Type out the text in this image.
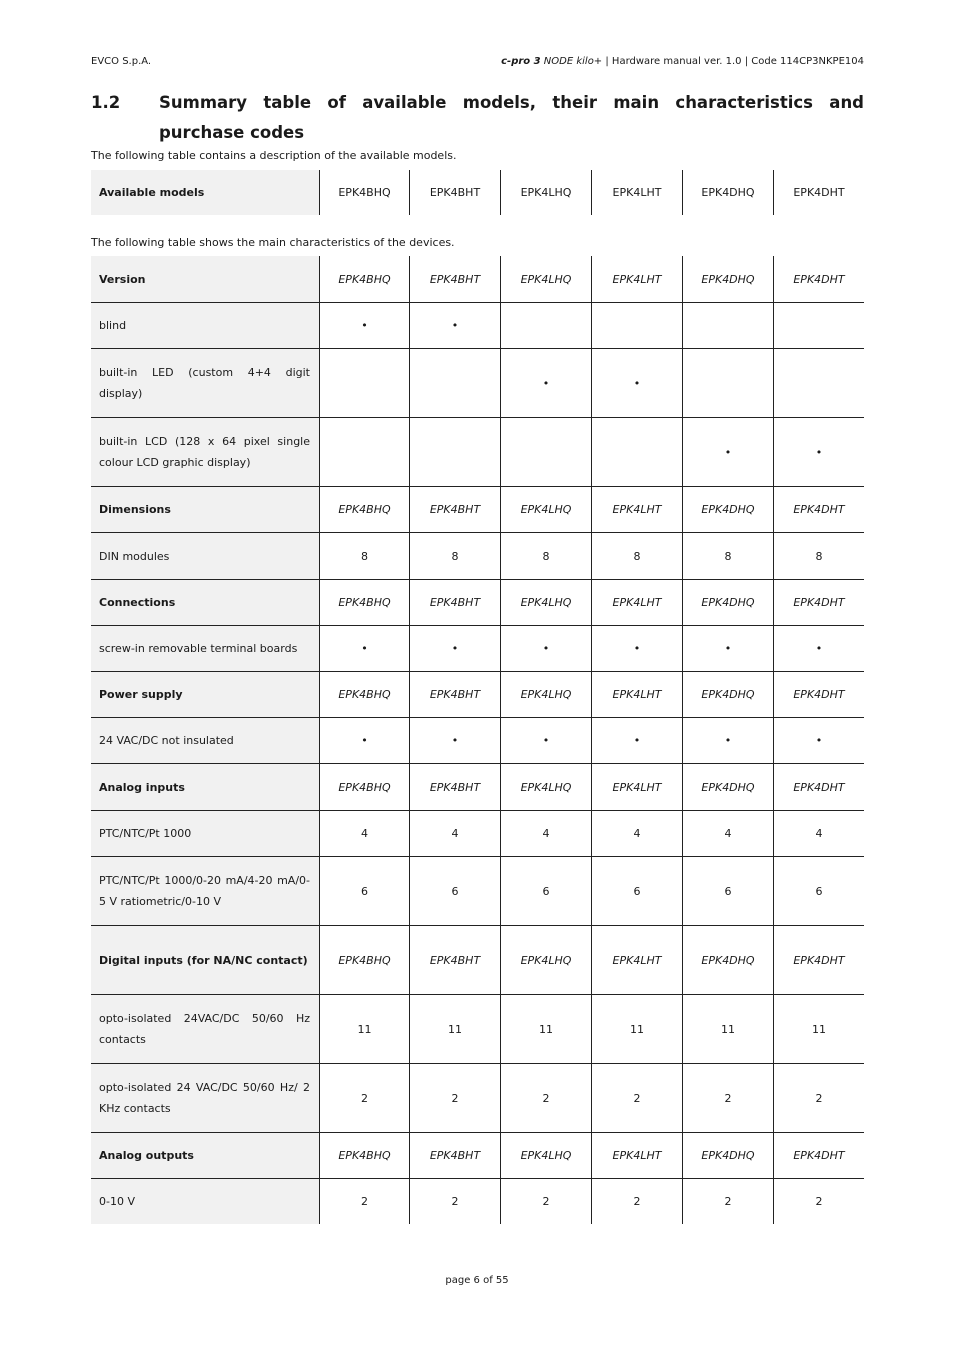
EVCO S.p.A.	c-pro 3 NODE kilo+ | Hardware manual ver. 1.0 | Code 114CP3NKPE104
1.2 Summary table of available models, their main characteristics and purchase codes
The following table contains a description of the available models.
Available models	EPK4BHQ	EPK4BHT	EPK4LHQ	EPK4LHT	EPK4DHQ	EPK4DHT
The following table shows the main characteristics of the devices.
Version	EPK4BHQ	EPK4BHT	EPK4LHQ	EPK4LHT	EPK4DHQ	EPK4DHT
blind	•	•				
built-in LED (custom 4+4 digit display)			•	•		
built-in LCD (128 x 64 pixel single colour LCD graphic display)					•	•
Dimensions	EPK4BHQ	EPK4BHT	EPK4LHQ	EPK4LHT	EPK4DHQ	EPK4DHT
DIN modules	8	8	8	8	8	8
Connections	EPK4BHQ	EPK4BHT	EPK4LHQ	EPK4LHT	EPK4DHQ	EPK4DHT
screw-in removable terminal boards	•	•	•	•	•	•
Power supply	EPK4BHQ	EPK4BHT	EPK4LHQ	EPK4LHT	EPK4DHQ	EPK4DHT
24 VAC/DC not insulated	•	•	•	•	•	•
Analog inputs	EPK4BHQ	EPK4BHT	EPK4LHQ	EPK4LHT	EPK4DHQ	EPK4DHT
PTC/NTC/Pt 1000	4	4	4	4	4	4
PTC/NTC/Pt 1000/0-20 mA/4-20 mA/0-5 V ratiometric/0-10 V	6	6	6	6	6	6
Digital inputs (for NA/NC contact)	EPK4BHQ	EPK4BHT	EPK4LHQ	EPK4LHT	EPK4DHQ	EPK4DHT
opto-isolated 24VAC/DC 50/60 Hz contacts	11	11	11	11	11	11
opto-isolated 24 VAC/DC 50/60 Hz/ 2 KHz contacts	2	2	2	2	2	2
Analog outputs	EPK4BHQ	EPK4BHT	EPK4LHQ	EPK4LHT	EPK4DHQ	EPK4DHT
0-10 V	2	2	2	2	2	2
page 6 of 55
